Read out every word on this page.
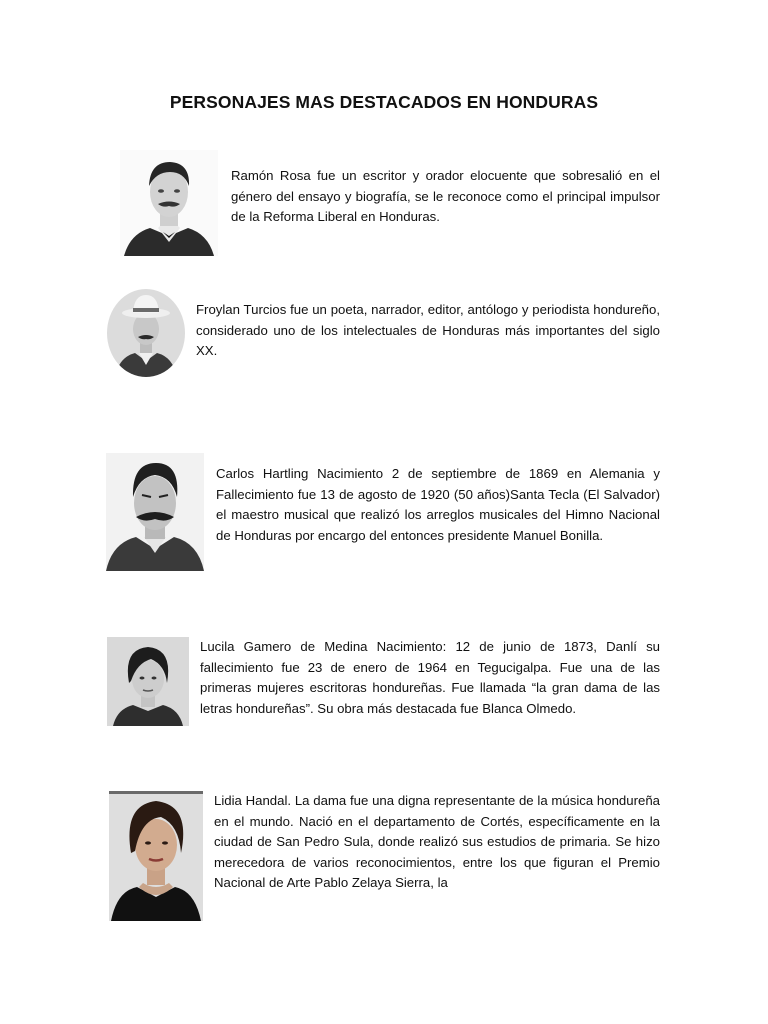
PERSONAJES MAS DESTACADOS EN HONDURAS
Ramón Rosa fue un escritor y orador elocuente que sobresalió en el género del ensayo y biografía, se le reconoce como el principal impulsor de la Reforma Liberal en Honduras.
Froylan Turcios fue un poeta, narrador, editor, antólogo y periodista hondureño, considerado uno de los intelectuales de Honduras más importantes del siglo XX.
Carlos Hartling Nacimiento 2 de septiembre de 1869 en Alemania y Fallecimiento fue 13 de agosto de 1920 (50 años)Santa Tecla (El Salvador) el maestro musical que realizó los arreglos musicales del Himno Nacional de Honduras por encargo del entonces presidente Manuel Bonilla.
Lucila Gamero de Medina Nacimiento: 12 de junio de 1873, Danlí su fallecimiento fue 23 de enero de 1964 en Tegucigalpa. Fue una de las primeras mujeres escritoras hondureñas. Fue llamada “la gran dama de las letras hondureñas”. Su obra más destacada fue Blanca Olmedo.
Lidia Handal. La dama fue una digna representante de la música hondureña en el mundo. Nació en el departamento de Cortés, específicamente en la ciudad de San Pedro Sula, donde realizó sus estudios de primaria. Se hizo merecedora de varios reconocimientos, entre los que figuran el Premio Nacional de Arte Pablo Zelaya Sierra, la
